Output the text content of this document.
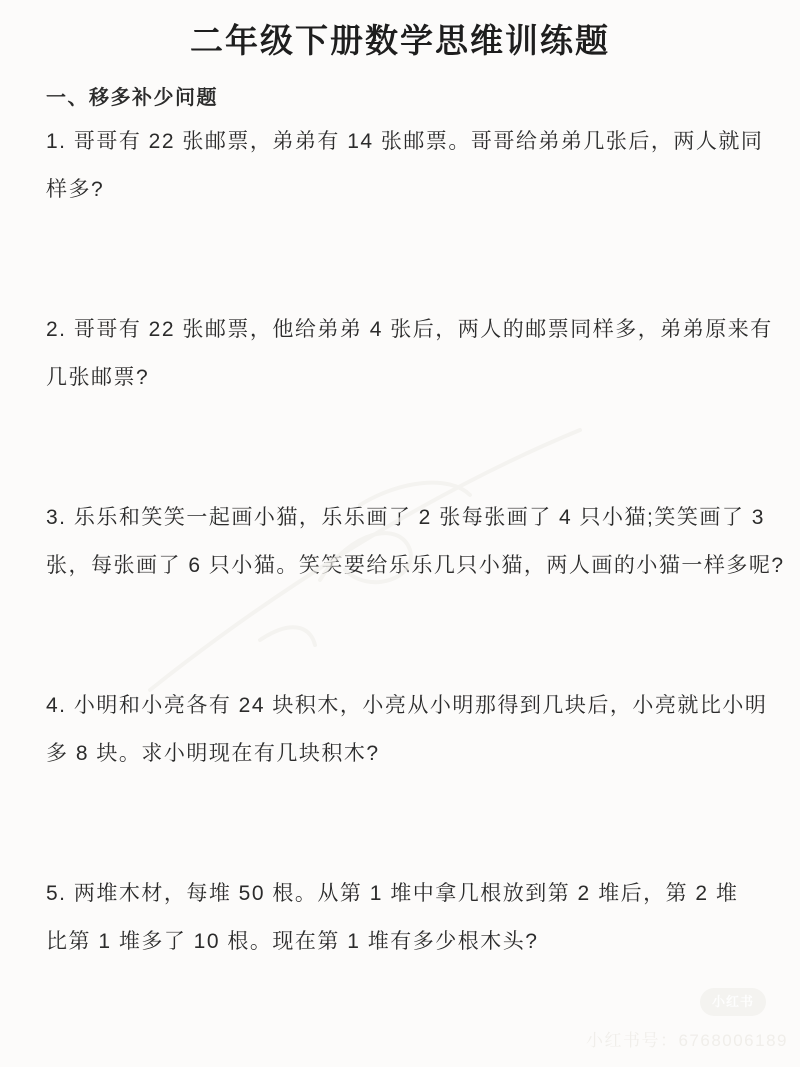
二年级下册数学思维训练题
一、移多补少问题

1. 哥哥有 22 张邮票，弟弟有 14 张邮票。哥哥给弟弟几张后，两人就同
样多?

2. 哥哥有 22 张邮票，他给弟弟 4 张后，两人的邮票同样多，弟弟原来有
几张邮票?

3. 乐乐和笑笑一起画小猫，乐乐画了 2 张每张画了 4 只小猫;笑笑画了 3
张，每张画了 6 只小猫。笑笑要给乐乐几只小猫，两人画的小猫一样多呢?

4. 小明和小亮各有 24 块积木，小亮从小明那得到几块后，小亮就比小明
多 8 块。求小明现在有几块积木?

5. 两堆木材，每堆 50 根。从第 1 堆中拿几根放到第 2 堆后，第 2 堆
比第 1 堆多了 10 根。现在第 1 堆有多少根木头?

小红书
小红书号：6768006189
